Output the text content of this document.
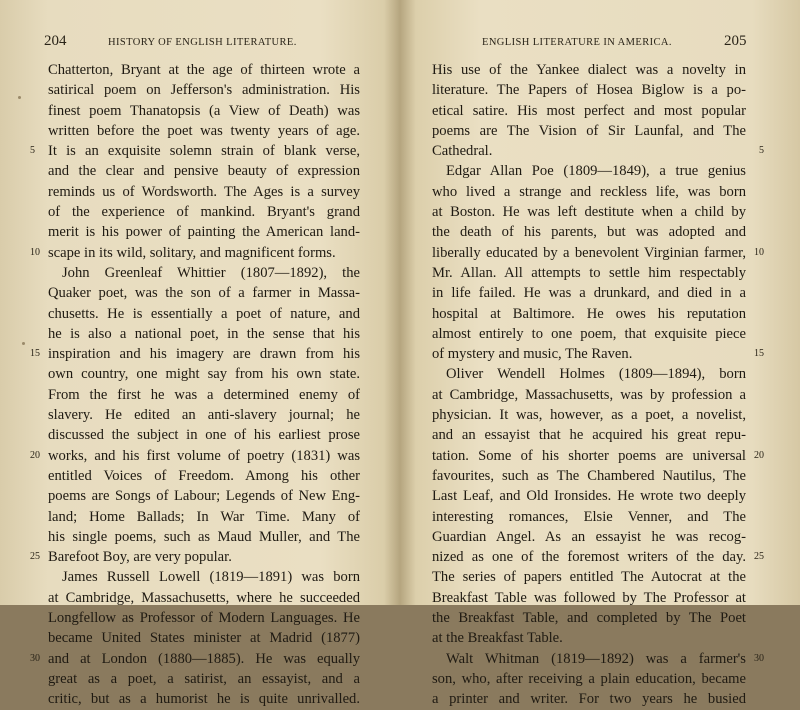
204	HISTORY OF ENGLISH LITERATURE.
Chatterton, Bryant at the age of thirteen wrote a
satirical poem on Jefferson's administration. His
finest poem Thanatopsis (a View of Death) was
written before the poet was twenty years of age.
It is an exquisite solemn strain of blank verse,
5
and the clear and pensive beauty of expression
reminds us of Wordsworth. The Ages is a survey
of the experience of mankind. Bryant's grand
merit is his power of painting the American land-
scape in its wild, solitary, and magnificent forms.
10
John Greenleaf Whittier (1807—1892), the
Quaker poet, was the son of a farmer in Massa-
chusetts. He is essentially a poet of nature, and
he is also a national poet, in the sense that his
inspiration and his imagery are drawn from his
15
own country, one might say from his own state.
From the first he was a determined enemy of
slavery. He edited an anti-slavery journal; he
discussed the subject in one of his earliest prose
works, and his first volume of poetry (1831) was
20
entitled Voices of Freedom. Among his other
poems are Songs of Labour; Legends of New Eng-
land; Home Ballads; In War Time. Many of
his single poems, such as Maud Muller, and The
Barefoot Boy, are very popular.
25
James Russell Lowell (1819—1891) was born
at Cambridge, Massachusetts, where he succeeded
Longfellow as Professor of Modern Languages. He
became United States minister at Madrid (1877)
and at London (1880—1885). He was equally
30
great as a poet, a satirist, an essayist, and a
critic, but as a humorist he is quite unrivalled.
ENGLISH LITERATURE IN AMERICA.	205
His use of the Yankee dialect was a novelty in
literature. The Papers of Hosea Biglow is a po-
etical satire. His most perfect and most popular
poems are The Vision of Sir Launfal, and The
Cathedral.	5
Edgar Allan Poe (1809—1849), a true genius
who lived a strange and reckless life, was born
at Boston. He was left destitute when a child by
the death of his parents, but was adopted and
liberally educated by a benevolent Virginian farmer, 10
Mr. Allan. All attempts to settle him respectably
in life failed. He was a drunkard, and died in a
hospital at Baltimore. He owes his reputation
almost entirely to one poem, that exquisite piece
of mystery and music, The Raven.	15
Oliver Wendell Holmes (1809—1894), born
at Cambridge, Massachusetts, was by profession a
physician. It was, however, as a poet, a novelist,
and an essayist that he acquired his great repu-
tation. Some of his shorter poems are universal 20
favourites, such as The Chambered Nautilus, The
Last Leaf, and Old Ironsides. He wrote two deeply
interesting romances, Elsie Venner, and The
Guardian Angel. As an essayist he was recog-
nized as one of the foremost writers of the day. 25
The series of papers entitled The Autocrat at the
Breakfast Table was followed by The Professor at
the Breakfast Table, and completed by The Poet
at the Breakfast Table.
Walt Whitman (1819—1892) was a farmer's 30
son, who, after receiving a plain education, became
a printer and writer. For two years he busied
